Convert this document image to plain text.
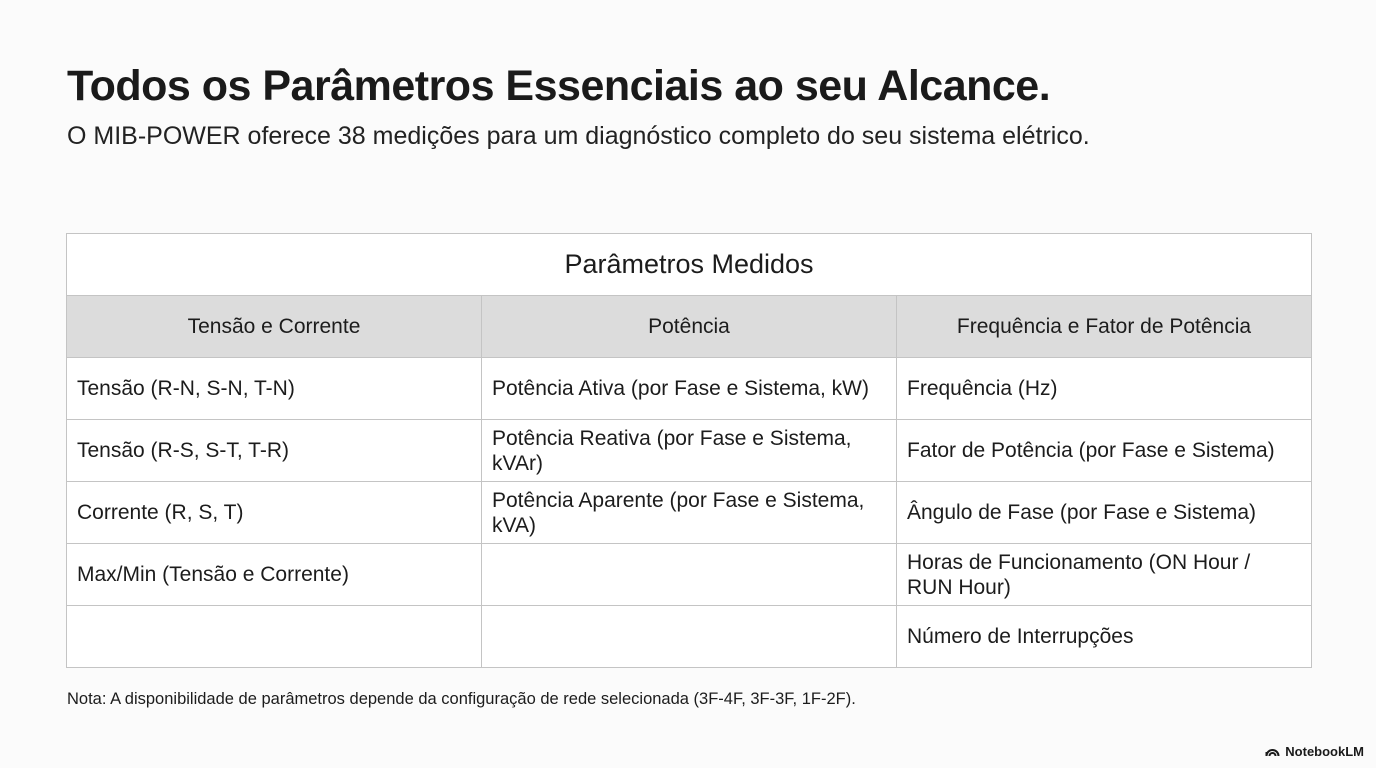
Todos os Parâmetros Essenciais ao seu Alcance.

O MIB-POWER oferece 38 medições para um diagnóstico completo do seu sistema elétrico.

Parâmetros Medidos		
Tensão e Corrente	Potência	Frequência e Fator de Potência
Tensão (R-N, S-N, T-N)	Potência Ativa (por Fase e Sistema, kW)	Frequência (Hz)
Tensão (R-S, S-T, T-R)	Potência Reativa (por Fase e Sistema, kVAr)	Fator de Potência (por Fase e Sistema)
Corrente (R, S, T)	Potência Aparente (por Fase e Sistema, kVA)	Ângulo de Fase (por Fase e Sistema)
Max/Min (Tensão e Corrente)		Horas de Funcionamento (ON Hour / RUN Hour)
		Número de Interrupções
Nota: A disponibilidade de parâmetros depende da configuração de rede selecionada (3F-4F, 3F-3F, 1F-2F).
NotebookLM
